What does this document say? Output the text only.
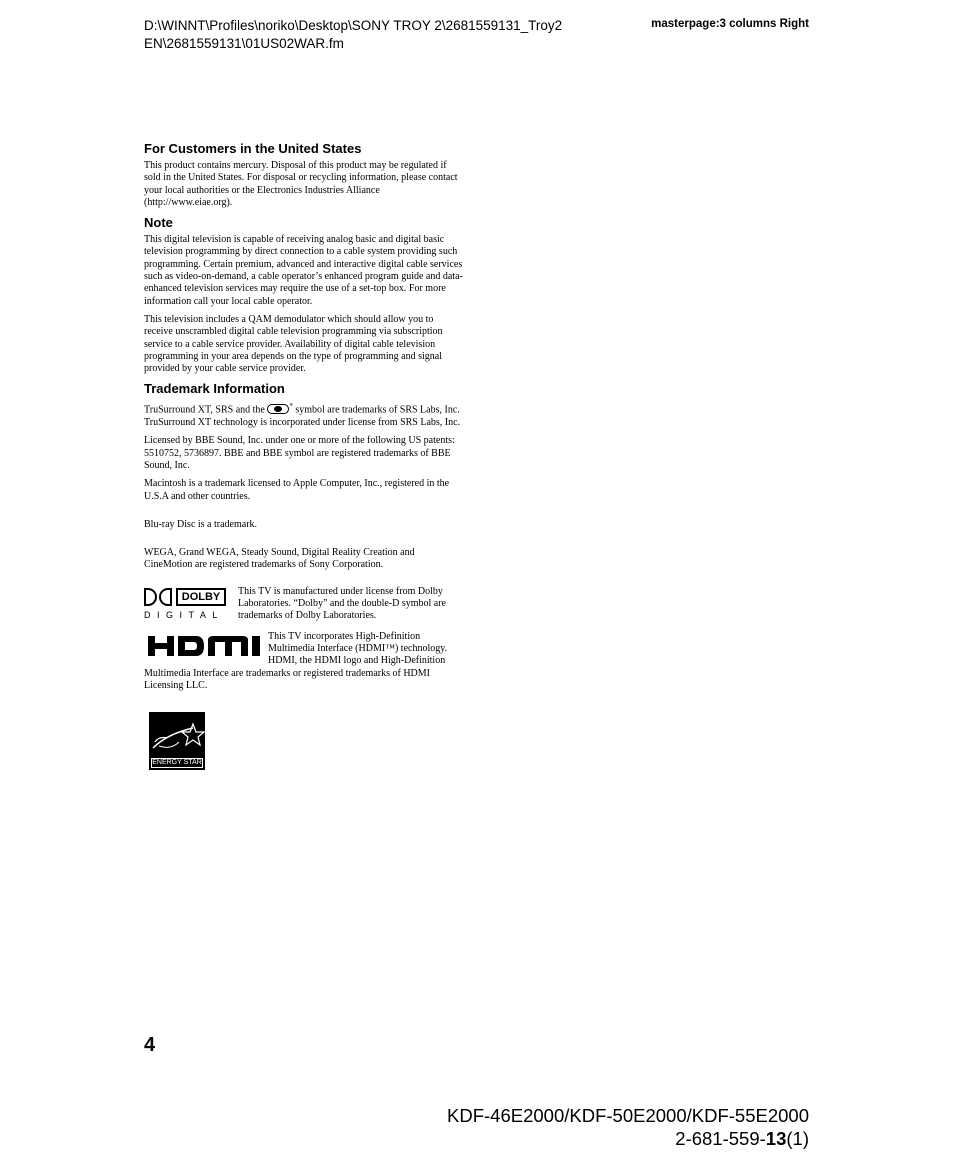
D:\WINNT\Profiles\noriko\Desktop\SONY TROY 2\2681559131_Troy2
EN\2681559131\01US02WAR.fm
masterpage:3 columns Right
For Customers in the United States

This product contains mercury. Disposal of this product may be regulated if sold in the United States. For disposal or recycling information, please contact your local authorities or the Electronics Industries Alliance (http://www.eiae.org).

Note

This digital television is capable of receiving analog basic and digital basic television programming by direct connection to a cable system providing such programming. Certain premium, advanced and interactive digital cable services such as video-on-demand, a cable operator’s enhanced program guide and data-enhanced television services may require the use of a set-top box. For more information call your local cable operator.

This television includes a QAM demodulator which should allow you to receive unscrambled digital cable television programming via subscription service to a cable service provider. Availability of digital cable television programming in your area depends on the type of programming and signal provided by your cable service provider.

Trademark Information

TruSurround XT, SRS and the	* symbol are trademarks of SRS Labs, Inc. TruSurround XT technology is incorporated under license from SRS Labs, Inc.

Licensed by BBE Sound, Inc. under one or more of the following US patents: 5510752, 5736897. BBE and BBE symbol are registered trademarks of BBE Sound, Inc.

Macintosh is a trademark licensed to Apple Computer, Inc., registered in the U.S.A and other countries.

Blu-ray Disc is a trademark.

WEGA, Grand WEGA, Steady Sound, Digital Reality Creation and CineMotion are registered trademarks of Sony Corporation.

DOLBY
DIGITAL

This TV is manufactured under license from Dolby Laboratories. “Dolby” and the double-D symbol are trademarks of Dolby Laboratories.

This TV incorporates High-Definition Multimedia Interface (HDMI™) technology. HDMI, the HDMI logo and High-Definition Multimedia Interface are trademarks or registered trademarks of HDMI Licensing LLC.

ENERGY STAR
4
KDF-46E2000/KDF-50E2000/KDF-55E2000
2-681-559-13(1)
